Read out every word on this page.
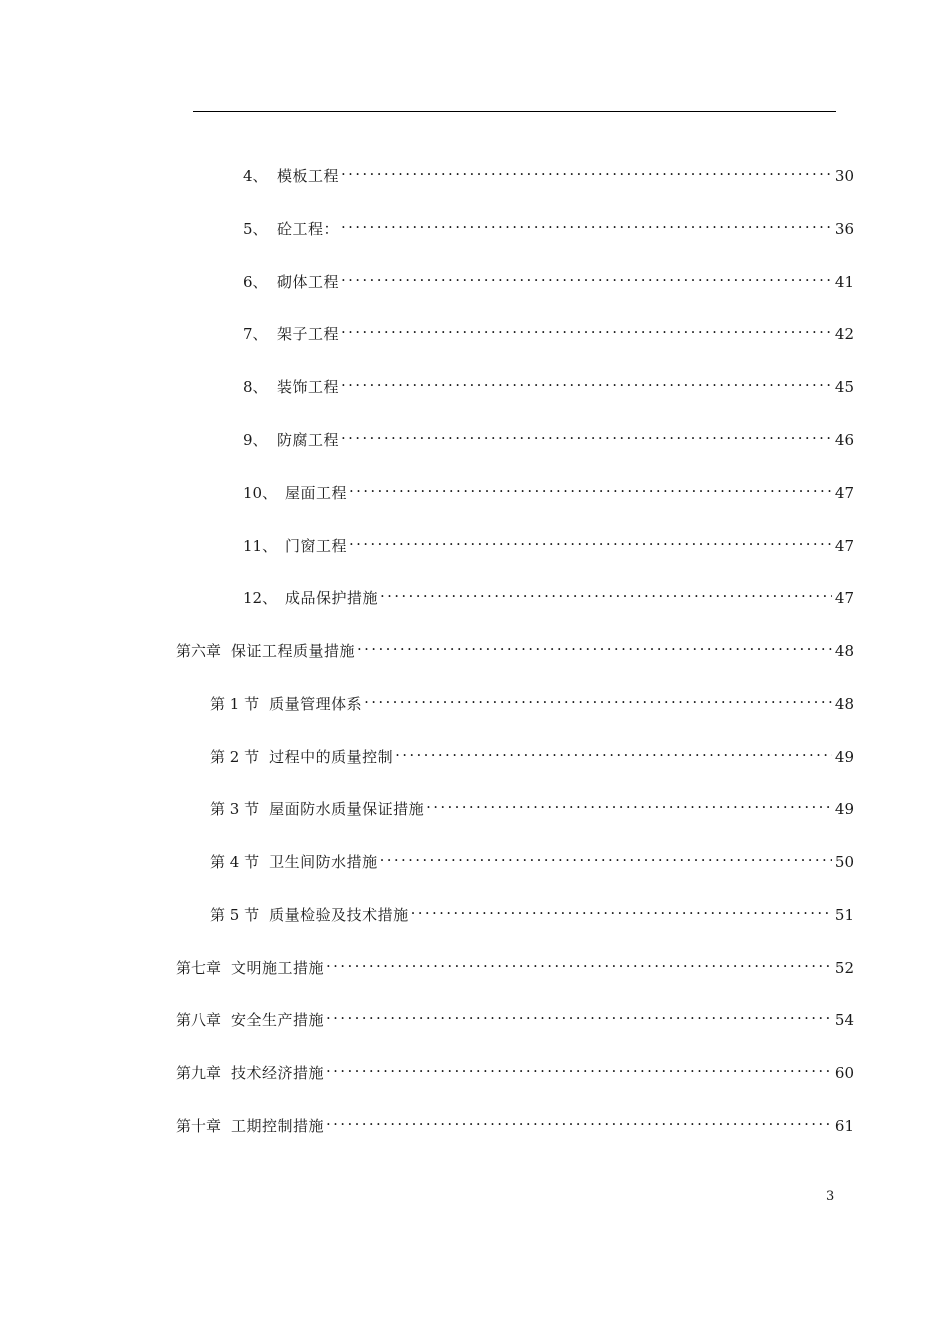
4、 模板工程 . . .	30
5、 砼工程： . . .	36
6、 砌体工程 . . .	41
7、 架子工程 . . .	42
8、 装饰工程 . . .	45
9、 防腐工程 . . .	46
10、 屋面工程 . . .	47
11、 门窗工程 . . .	47
12、 成品保护措施 . . .	47
第六章 保证工程质量措施 . . .	48
第 1 节 质量管理体系 . . .	48
第 2 节 过程中的质量控制 . . .	49
第 3 节 屋面防水质量保证措施 . . .	49
第 4 节 卫生间防水措施 . . .	50
第 5 节 质量检验及技术措施 . . .	51
第七章 文明施工措施 . . .	52
第八章 安全生产措施 . . .	54
第九章 技术经济措施 . . .	60
第十章 工期控制措施 . . .	61
3
